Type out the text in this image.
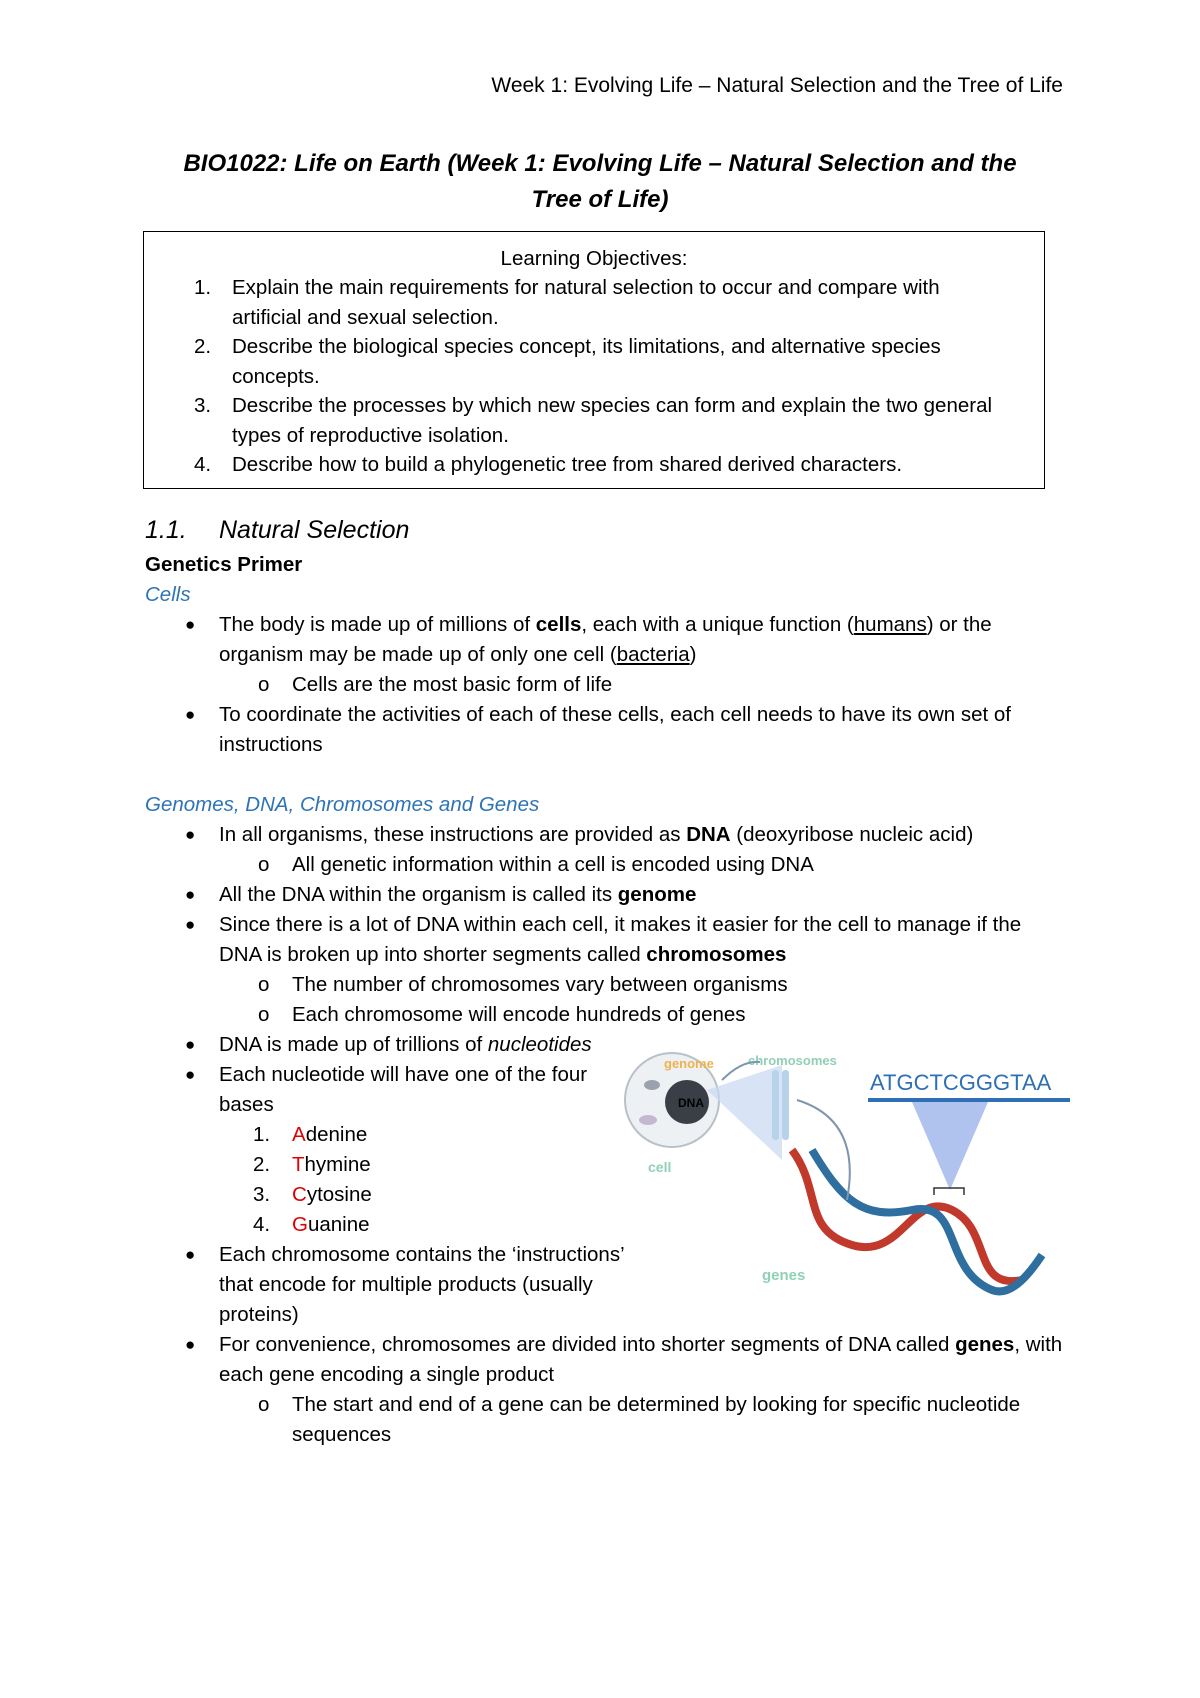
Week 1: Evolving Life – Natural Selection and the Tree of Life
BIO1022: Life on Earth (Week 1: Evolving Life – Natural Selection and the
Tree of Life)
Learning Objectives:
1. Explain the main requirements for natural selection to occur and compare with artificial and sexual selection.
2. Describe the biological species concept, its limitations, and alternative species concepts.
3. Describe the processes by which new species can form and explain the two general types of reproductive isolation.
4. Describe how to build a phylogenetic tree from shared derived characters.
1.1. Natural Selection
Genetics Primer
Cells
● The body is made up of millions of cells, each with a unique function (humans) or the organism may be made up of only one cell (bacteria)
o Cells are the most basic form of life
● To coordinate the activities of each of these cells, each cell needs to have its own set of instructions
Genomes, DNA, Chromosomes and Genes
● In all organisms, these instructions are provided as DNA (deoxyribose nucleic acid)
o All genetic information within a cell is encoded using DNA
● All the DNA within the organism is called its genome
● Since there is a lot of DNA within each cell, it makes it easier for the cell to manage if the DNA is broken up into shorter segments called chromosomes
o The number of chromosomes vary between organisms
o Each chromosome will encode hundreds of genes
● DNA is made up of trillions of nucleotides
● Each nucleotide will have one of the four bases
1. Adenine
2. Thymine
3. Cytosine
4. Guanine
● Each chromosome contains the ‘instructions’ that encode for multiple products (usually proteins)
● For convenience, chromosomes are divided into shorter segments of DNA called genes, with each gene encoding a single product
o The start and end of a gene can be determined by looking for specific nucleotide sequences
DNA
genome
cell
chromosomes
ATGCTCGGGTAA
genes
